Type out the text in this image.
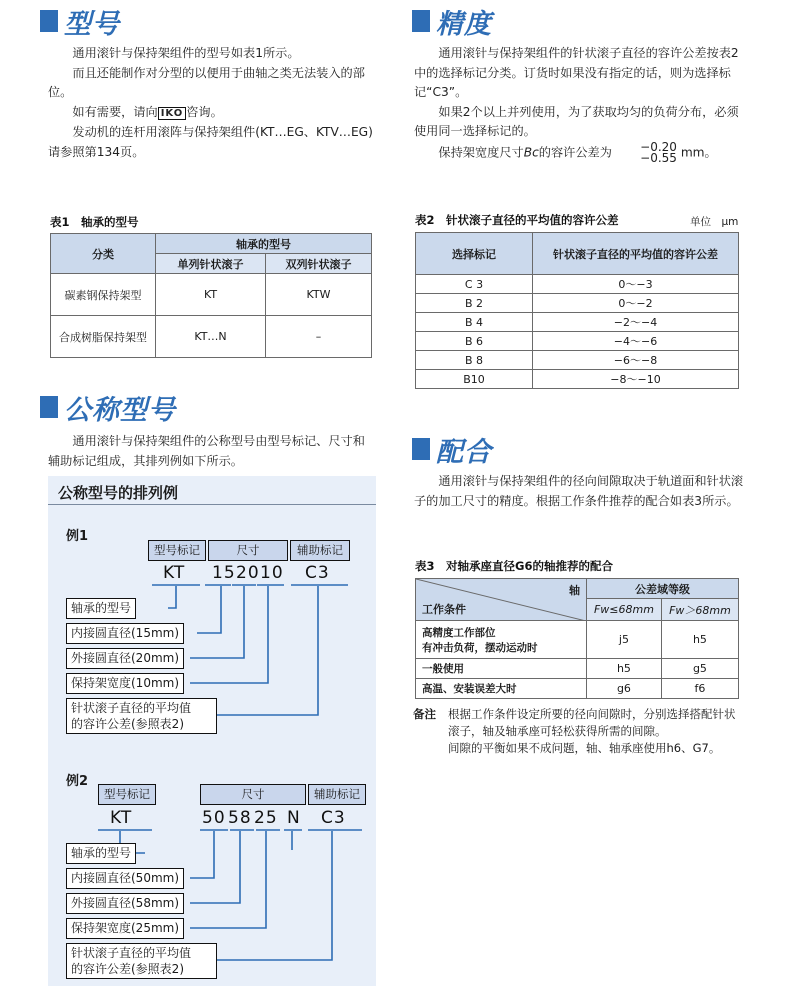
型号

通用滚针与保持架组件的型号如表1所示。

而且还能制作对分型的以便用于曲轴之类无法装入的部位。

如有需要，请向 IKO 咨询。

发动机的连杆用滚阵与保持架组件(KT…EG、KTV…EG)请参照第134页。

表1　轴承的型号
分类	轴承的型号	
	单列针状滚子	双列针状滚子
碳素钢保持架型	KT	KTW
合成树脂保持架型	KT…N	–
公称型号

通用滚针与保持架组件的公称型号由型号标记、尺寸和辅助标记组成，其排列例如下所示。

公称型号的排列例
例1
型号标记	尺寸	辅助标记
KT 15 20 10 C3
轴承的型号
内接圆直径(15mm)
外接圆直径(20mm)
保持架宽度(10mm)
针状滚子直径的平均值
的容许公差(参照表2)
例2
型号标记	尺寸	辅助标记
KT	50 58 25 N C3
轴承的型号
内接圆直径(50mm)
外接圆直径(58mm)
保持架宽度(25mm)
针状滚子直径的平均值
的容许公差(参照表2)
精度

通用滚针与保持架组件的针状滚子直径的容许公差按表2中的选择标记分类。订货时如果没有指定的话，则为选择标记“C3”。

如果2个以上并列使用，为了获取均匀的负荷分布，必须使用同一选择标记的。

保持架宽度尺寸Bc的容许公差为	−0.20
−0.55 mm。

表2　针状滚子直径的平均值的容许公差	单位　μm
选择标记	针状滚子直径的平均值的容许公差
C 3	0～−3
B 2	0～−2
B 4	−2～−4
B 6	−4～−6
B 8	−6～−8
B10	−8～−10
配合

通用滚针与保持架组件的径向间隙取决于轨道面和针状滚子的加工尺寸的精度。根据工作条件推荐的配合如表3所示。

表3　对轴承座直径G6的轴推荐的配合
轴
工作条件	公差域等级	
	Fw≤68mm	Fw＞68mm

高精度工作部位
有冲击负荷，摆动运动时	j5	h5
一般使用	h5	g5
高温、安装误差大时	g6	f6
备注 根据工作条件设定所要的径向间隙时，分别选择搭配针状滚子，轴及轴承座可轻松获得所需的间隙。
间隙的平衡如果不成问题，轴、轴承座使用h6、G7。
